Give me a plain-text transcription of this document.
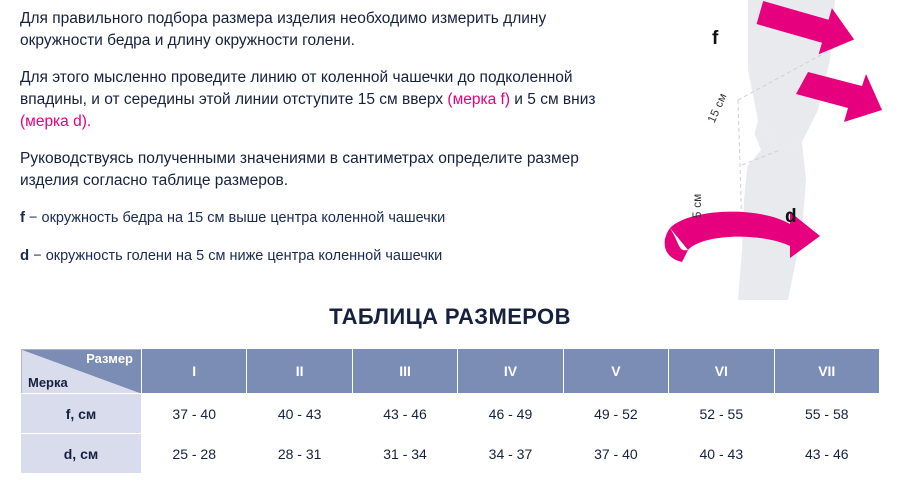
Для правильного подбора размера изделия необходимо измерить длину окружности бедра и длину окружности голени.

Для этого мысленно проведите линию от коленной чашечки до подколенной впадины, и от середины этой линии отступите 15 см вверх (мерка f) и 5 см вниз (мерка d).

Руководствуясь полученными значениями в сантиметрах определите размер изделия согласно таблице размеров.

f − окружность бедра на 15 см выше центра коленной чашечки

d − окружность голени на 5 см ниже центра коленной чашечки

f
d
15 см
5 см
ТАБЛИЦА РАЗМЕРОВ
Размер
Мерка	I	II	III	IV	V	VI	VII
f, см	37 - 40	40 - 43	43 - 46	46 - 49	49 - 52	52 - 55	55 - 58
d, см	25 - 28	28 - 31	31 - 34	34 - 37	37 - 40	40 - 43	43 - 46
